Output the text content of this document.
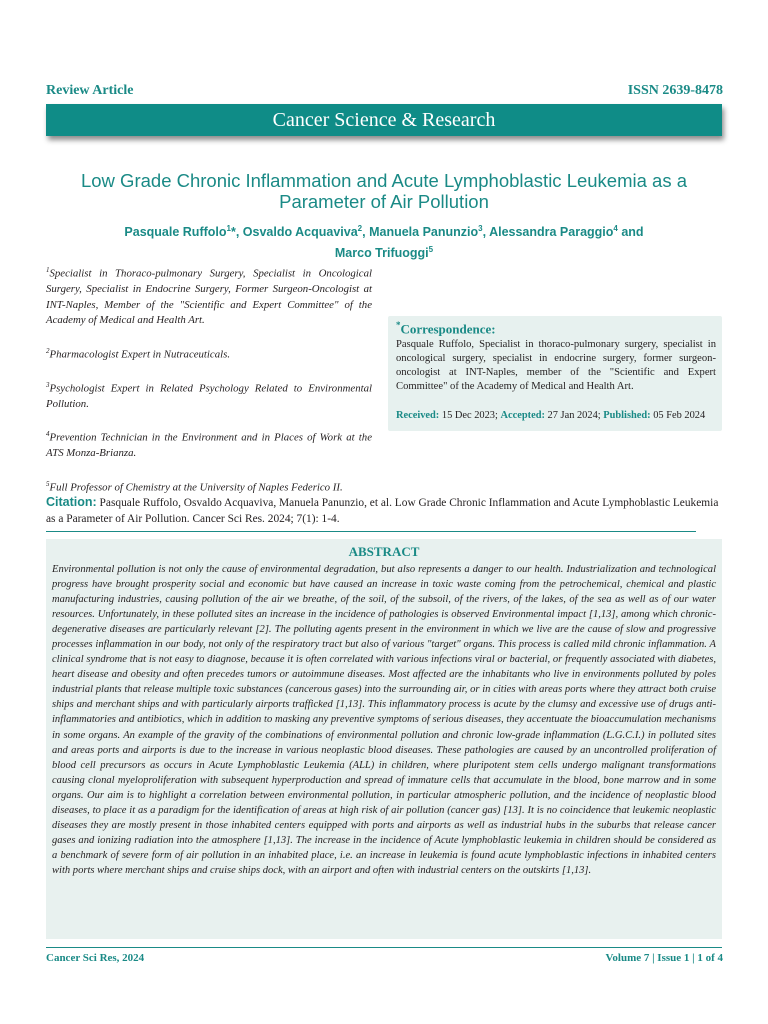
Review Article	ISSN 2639-8478
Cancer Science & Research
Low Grade Chronic Inflammation and Acute Lymphoblastic Leukemia as a Parameter of Air Pollution
Pasquale Ruffolo$^1$*, Osvaldo Acquaviva$^2$, Manuela Panunzio$^3$, Alessandra Paraggio$^4$ and
Marco Trifuoggi$^5$
$^1$Specialist in Thoraco-pulmonary Surgery, Specialist in Oncological Surgery, Specialist in Endocrine Surgery, Former Surgeon-Oncologist at INT-Naples, Member of the "Scientific and Expert Committee" of the Academy of Medical and Health Art.
$^2$Pharmacologist Expert in Nutraceuticals.
$^3$Psychologist Expert in Related Psychology Related to Environmental Pollution.
$^4$Prevention Technician in the Environment and in Places of Work at the ATS Monza-Brianza.
$^5$Full Professor of Chemistry at the University of Naples Federico II.
*Correspondence:
Pasquale Ruffolo, Specialist in thoraco-pulmonary surgery, specialist in oncological surgery, specialist in endocrine surgery, former surgeon-oncologist at INT-Naples, member of the "Scientific and Expert Committee" of the Academy of Medical and Health Art.
Received: 15 Dec 2023; Accepted: 27 Jan 2024; Published: 05 Feb 2024
Citation: Pasquale Ruffolo, Osvaldo Acquaviva, Manuela Panunzio, et al. Low Grade Chronic Inflammation and Acute Lymphoblastic Leukemia as a Parameter of Air Pollution. Cancer Sci Res. 2024; 7(1): 1-4.
ABSTRACT
Environmental pollution is not only the cause of environmental degradation, but also represents a danger to our health. Industrialization and technological progress have brought prosperity social and economic but have caused an increase in toxic waste coming from the petrochemical, chemical and plastic manufacturing industries, causing pollution of the air we breathe, of the soil, of the subsoil, of the rivers, of the lakes, of the sea as well as of our water resources. Unfortunately, in these polluted sites an increase in the incidence of pathologies is observed Environmental impact [1,13], among which chronic-degenerative diseases are particularly relevant [2]. The polluting agents present in the environment in which we live are the cause of slow and progressive processes inflammation in our body, not only of the respiratory tract but also of various "target" organs. This process is called mild chronic inflammation. A clinical syndrome that is not easy to diagnose, because it is often correlated with various infections viral or bacterial, or frequently associated with diabetes, heart disease and obesity and often precedes tumors or autoimmune diseases. Most affected are the inhabitants who live in environments polluted by poles industrial plants that release multiple toxic substances (cancerous gases) into the surrounding air, or in cities with areas ports where they attract both cruise ships and merchant ships and with particularly airports trafficked [1,13]. This inflammatory process is acute by the clumsy and excessive use of drugs anti-inflammatories and antibiotics, which in addition to masking any preventive symptoms of serious diseases, they accentuate the bioaccumulation mechanisms in some organs. An example of the gravity of the combinations of environmental pollution and chronic low-grade inflammation (L.G.C.I.) in polluted sites and areas ports and airports is due to the increase in various neoplastic blood diseases. These pathologies are caused by an uncontrolled proliferation of blood cell precursors as occurs in Acute Lymphoblastic Leukemia (ALL) in children, where pluripotent stem cells undergo malignant transformations causing clonal myeloproliferation with subsequent hyperproduction and spread of immature cells that accumulate in the blood, bone marrow and in some organs. Our aim is to highlight a correlation between environmental pollution, in particular atmospheric pollution, and the incidence of neoplastic blood diseases, to place it as a paradigm for the identification of areas at high risk of air pollution (cancer gas) [13]. It is no coincidence that leukemic neoplastic diseases they are mostly present in those inhabited centers equipped with ports and airports as well as industrial hubs in the suburbs that release cancer gases and ionizing radiation into the atmosphere [1,13]. The increase in the incidence of Acute lymphoblastic leukemia in children should be considered as a benchmark of severe form of air pollution in an inhabited place, i.e. an increase in leukemia is found acute lymphoblastic infections in inhabited centers with ports where merchant ships and cruise ships dock, with an airport and often with industrial centers on the outskirts [1,13].
Cancer Sci Res, 2024	Volume 7 | Issue 1 | 1 of 4
